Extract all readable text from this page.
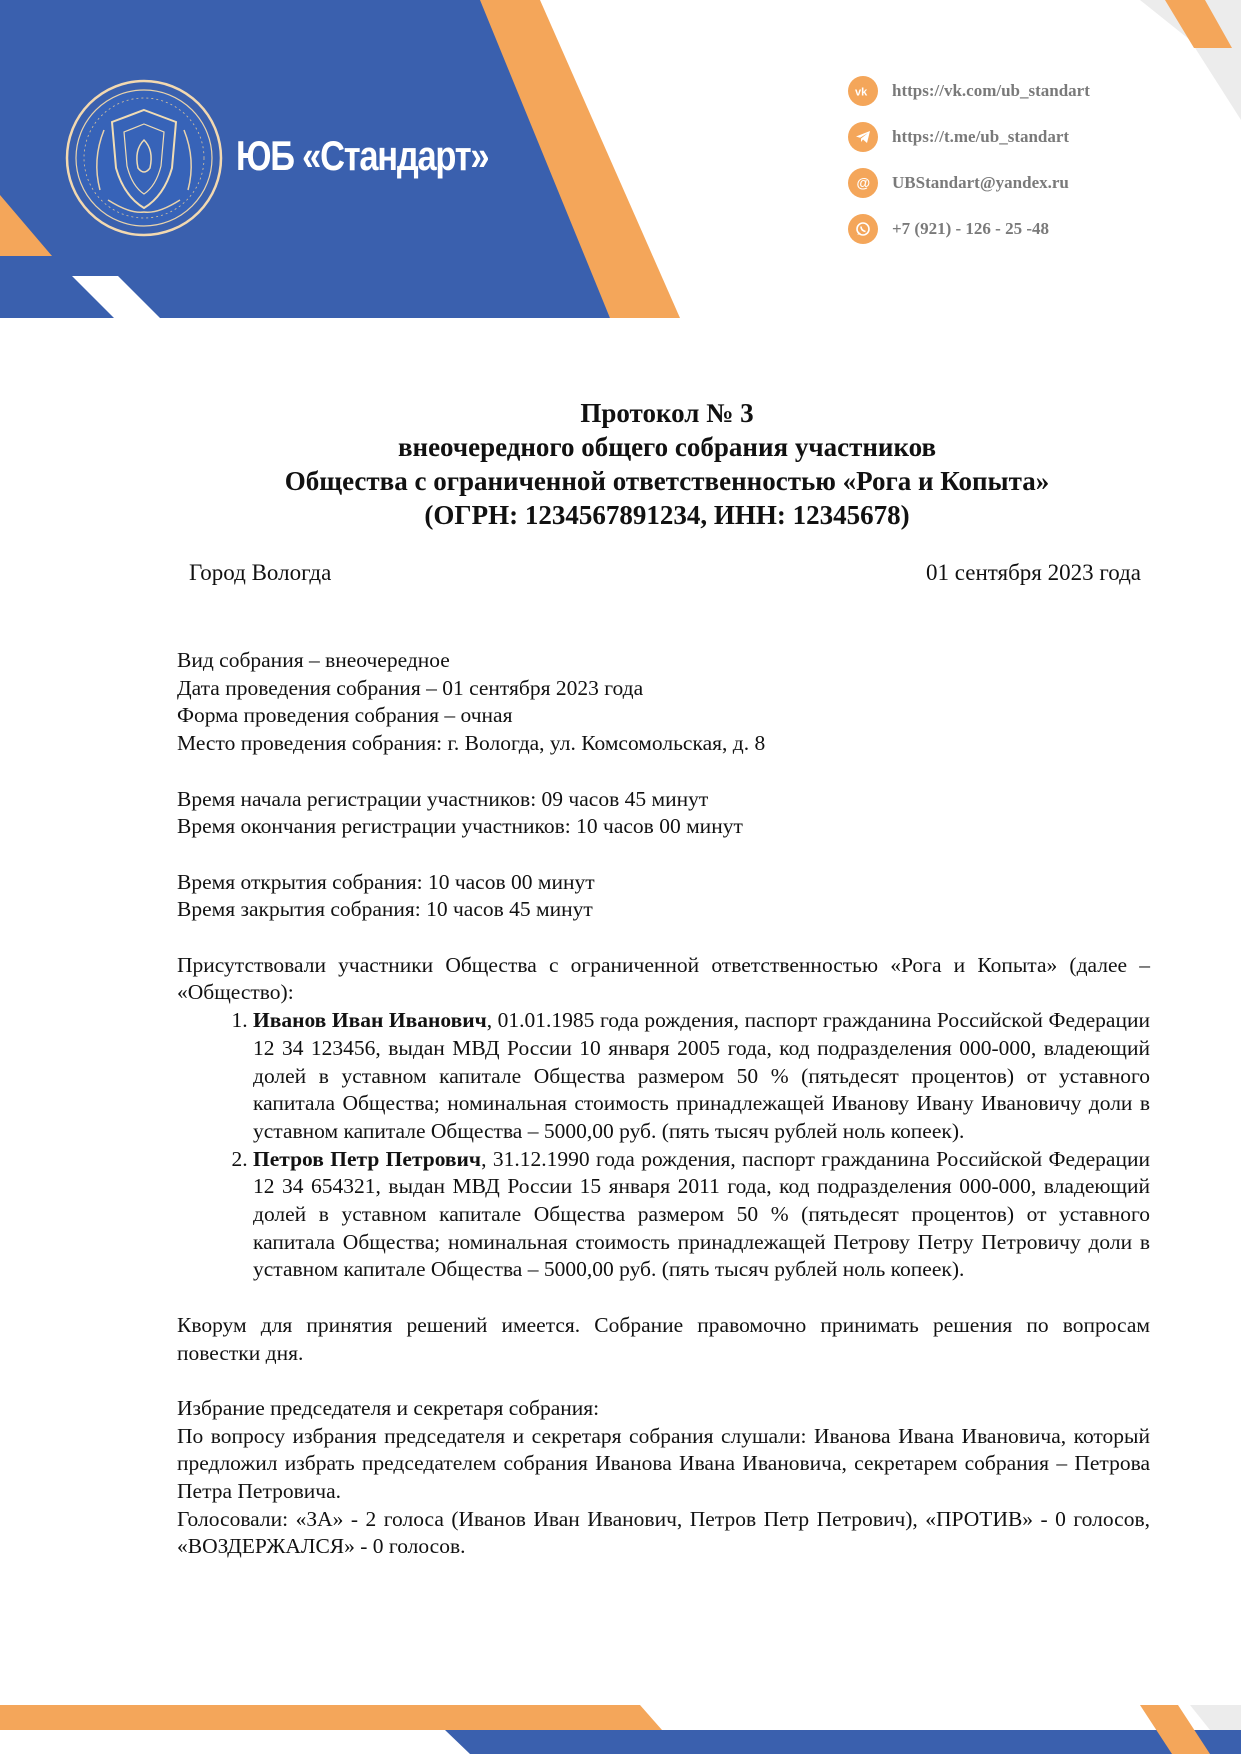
ЮБ «Стандарт»
vk https://vk.com/ub_standart
https://t.me/ub_standart
@ UBStandart@yandex.ru
+7 (921) - 126 - 25 -48
Протокол № 3
внеочередного общего собрания участников
Общества с ограниченной ответственностью «Рога и Копыта»
(ОГРН: 1234567891234, ИНН: 12345678)
Город Вологда	01 сентября 2023 года

Вид собрания – внеочередное

Дата проведения собрания – 01 сентября 2023 года

Форма проведения собрания – очная

Место проведения собрания: г. Вологда, ул. Комсомольская, д. 8

Время начала регистрации участников: 09 часов 45 минут

Время окончания регистрации участников: 10 часов 00 минут

Время открытия собрания: 10 часов 00 минут

Время закрытия собрания: 10 часов 45 минут

Присутствовали участники Общества с ограниченной ответственностью «Рога и Копыта» (далее – «Общество):

1. Иванов Иван Иванович, 01.01.1985 года рождения, паспорт гражданина Российской Федерации 12 34 123456, выдан МВД России 10 января 2005 года, код подразделения 000-000, владеющий долей в уставном капитале Общества размером 50 % (пятьдесят процентов) от уставного капитала Общества; номинальная стоимость принадлежащей Иванову Ивану Ивановичу доли в уставном капитале Общества – 5000,00 руб. (пять тысяч рублей ноль копеек).
2. Петров Петр Петрович, 31.12.1990 года рождения, паспорт гражданина Российской Федерации 12 34 654321, выдан МВД России 15 января 2011 года, код подразделения 000-000, владеющий долей в уставном капитале Общества размером 50 % (пятьдесят процентов) от уставного капитала Общества; номинальная стоимость принадлежащей Петрову Петру Петровичу доли в уставном капитале Общества – 5000,00 руб. (пять тысяч рублей ноль копеек).

Кворум для принятия решений имеется. Собрание правомочно принимать решения по вопросам повестки дня.

Избрание председателя и секретаря собрания:

По вопросу избрания председателя и секретаря собрания слушали: Иванова Ивана Ивановича, который предложил избрать председателем собрания Иванова Ивана Ивановича, секретарем собрания – Петрова Петра Петровича.

Голосовали: «ЗА» - 2 голоса (Иванов Иван Иванович, Петров Петр Петрович), «ПРОТИВ» - 0 голосов, «ВОЗДЕРЖАЛСЯ» - 0 голосов.
